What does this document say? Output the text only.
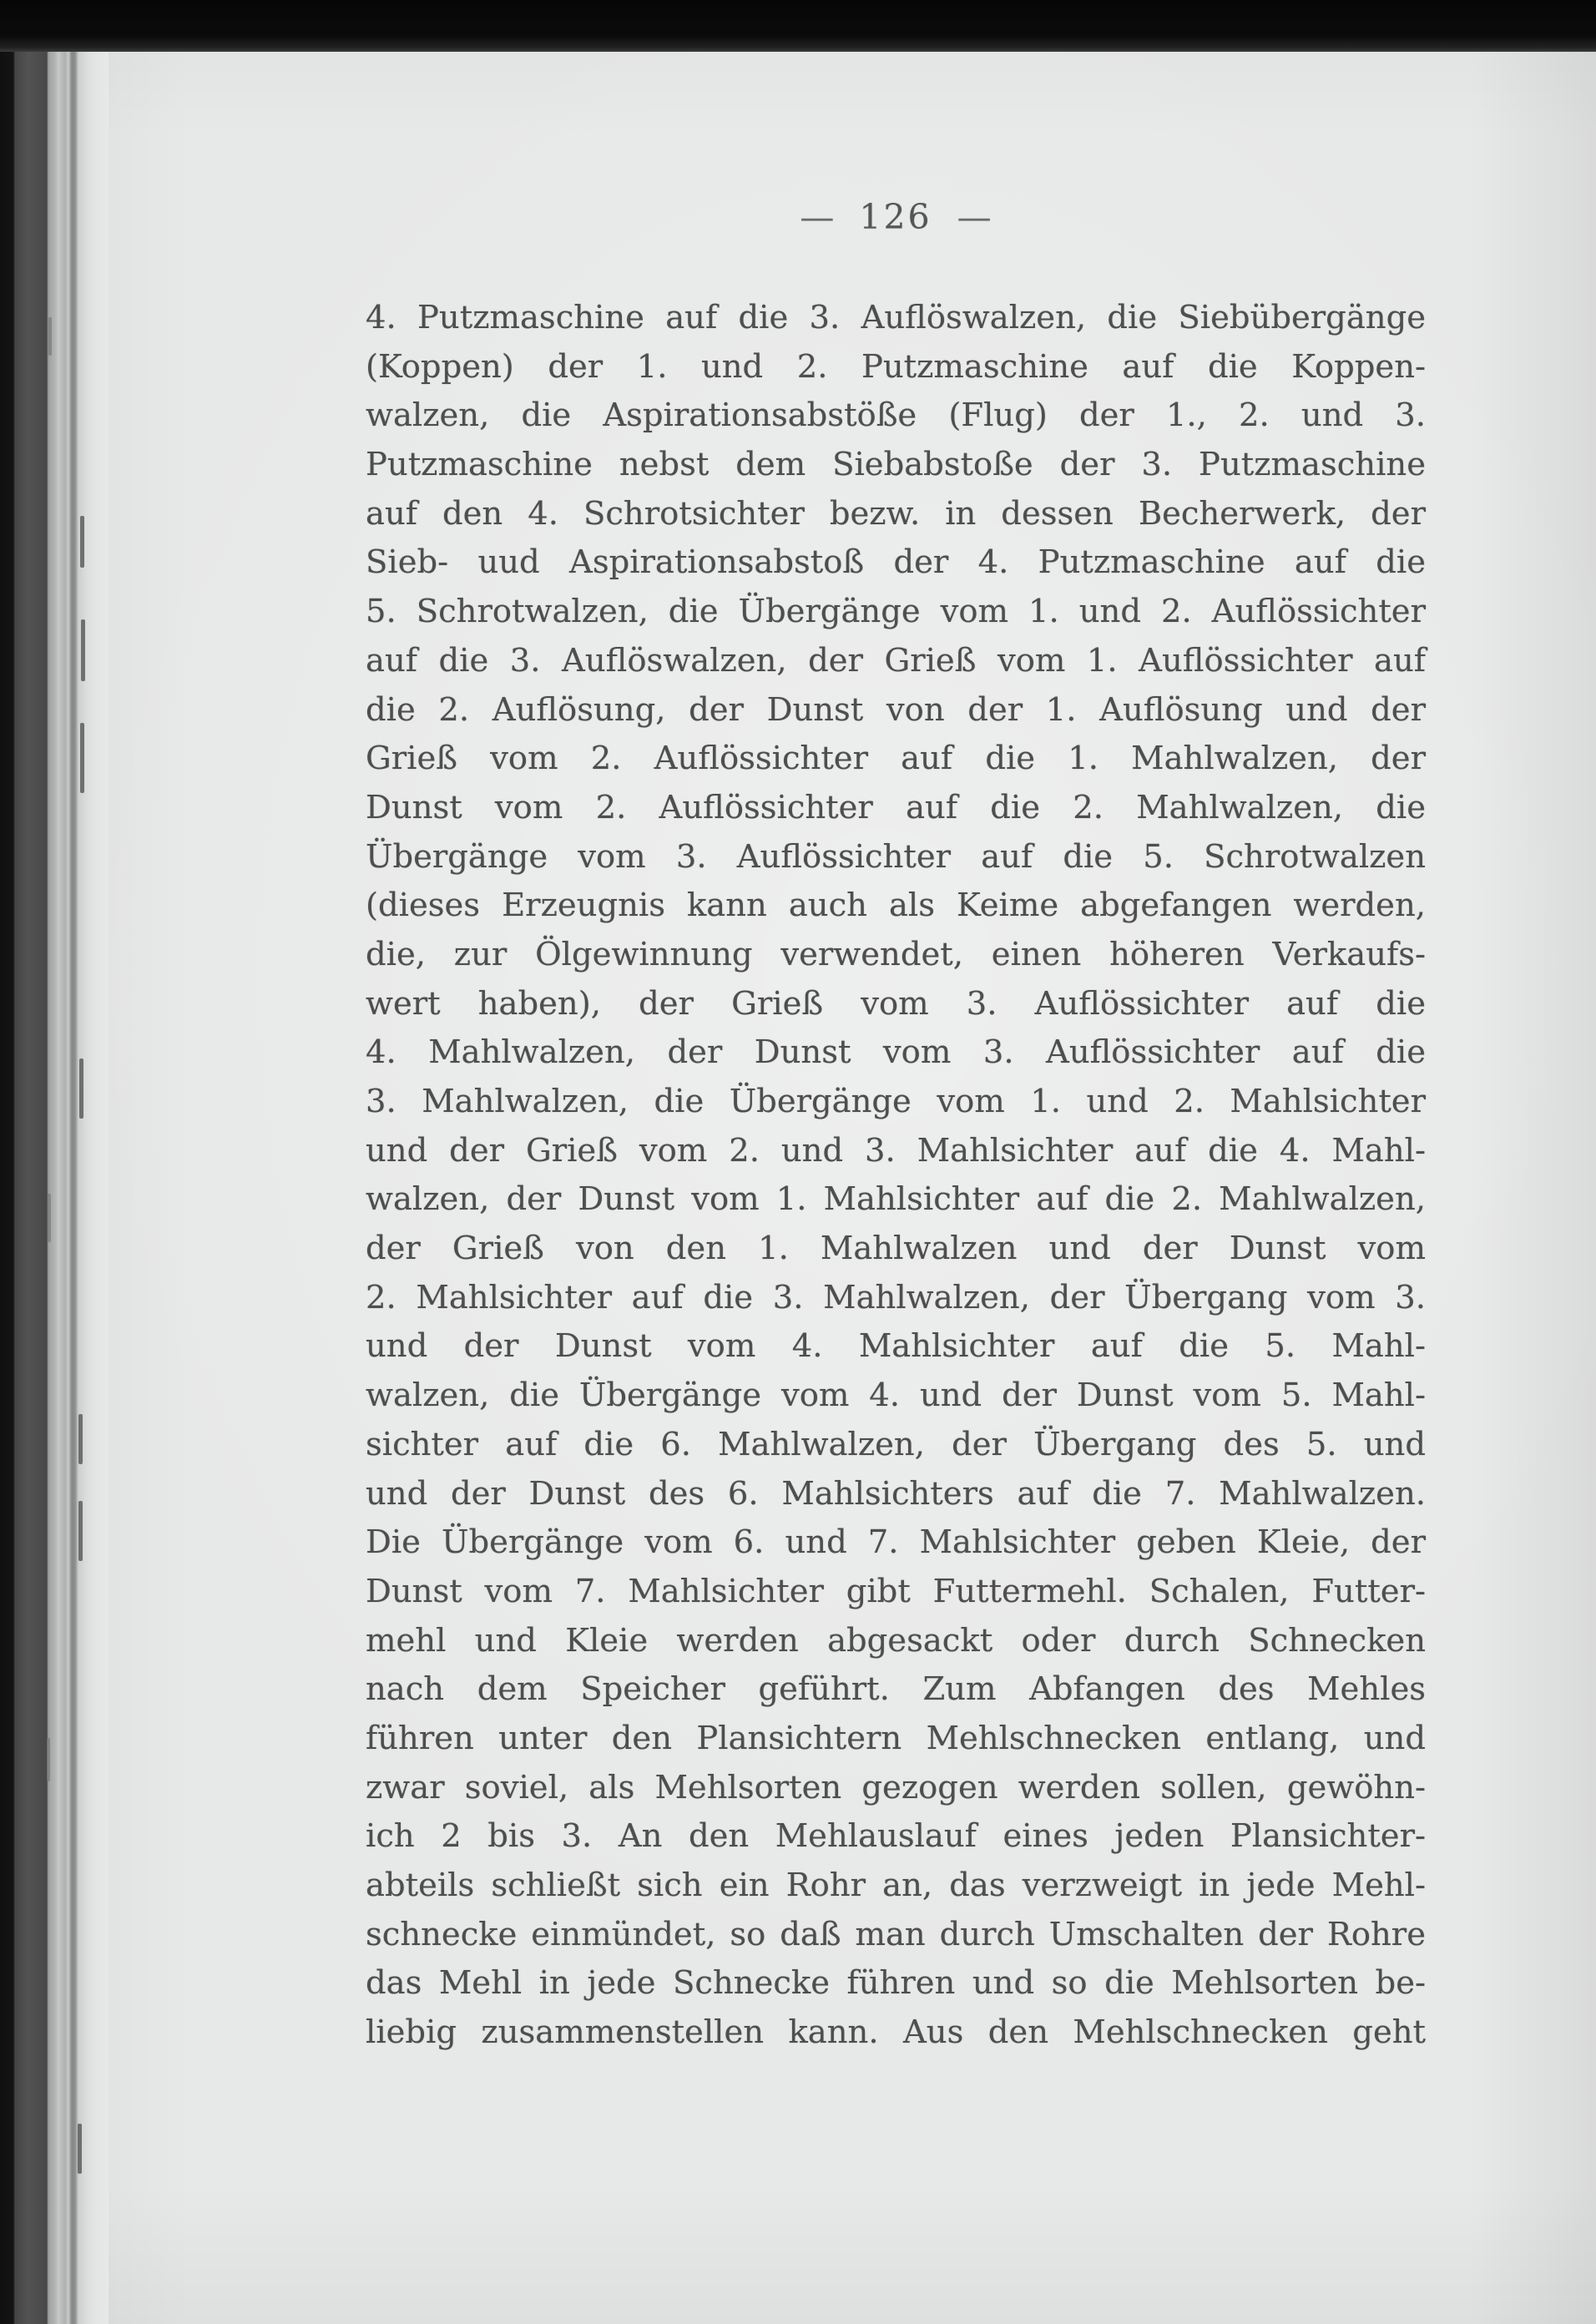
— 126 —
4. Putzmaschine auf die 3. Auflöswalzen, die Siebübergänge
(Koppen) der 1. und 2. Putzmaschine auf die Koppen-
walzen, die Aspirationsabstöße (Flug) der 1., 2. und 3.
Putzmaschine nebst dem Siebabstoße der 3. Putzmaschine
auf den 4. Schrotsichter bezw. in dessen Becherwerk, der
Sieb- uud Aspirationsabstoß der 4. Putzmaschine auf die
5. Schrotwalzen, die Übergänge vom 1. und 2. Auflössichter
auf die 3. Auflöswalzen, der Grieß vom 1. Auflössichter auf
die 2. Auflösung, der Dunst von der 1. Auflösung und der
Grieß vom 2. Auflössichter auf die 1. Mahlwalzen, der
Dunst vom 2. Auflössichter auf die 2. Mahlwalzen, die
Übergänge vom 3. Auflössichter auf die 5. Schrotwalzen
(dieses Erzeugnis kann auch als Keime abgefangen werden,
die, zur Ölgewinnung verwendet, einen höheren Verkaufs-
wert haben), der Grieß vom 3. Auflössichter auf die
4. Mahlwalzen, der Dunst vom 3. Auflössichter auf die
3. Mahlwalzen, die Übergänge vom 1. und 2. Mahlsichter
und der Grieß vom 2. und 3. Mahlsichter auf die 4. Mahl-
walzen, der Dunst vom 1. Mahlsichter auf die 2. Mahlwalzen,
der Grieß von den 1. Mahlwalzen und der Dunst vom
2. Mahlsichter auf die 3. Mahlwalzen, der Übergang vom 3.
und der Dunst vom 4. Mahlsichter auf die 5. Mahl-
walzen, die Übergänge vom 4. und der Dunst vom 5. Mahl-
sichter auf die 6. Mahlwalzen, der Übergang des 5. und
und der Dunst des 6. Mahlsichters auf die 7. Mahlwalzen.
Die Übergänge vom 6. und 7. Mahlsichter geben Kleie, der
Dunst vom 7. Mahlsichter gibt Futtermehl. Schalen, Futter-
mehl und Kleie werden abgesackt oder durch Schnecken
nach dem Speicher geführt. Zum Abfangen des Mehles
führen unter den Plansichtern Mehlschnecken entlang, und
zwar soviel, als Mehlsorten gezogen werden sollen, gewöhn-
ich 2 bis 3. An den Mehlauslauf eines jeden Plansichter-
abteils schließt sich ein Rohr an, das verzweigt in jede Mehl-
schnecke einmündet, so daß man durch Umschalten der Rohre
das Mehl in jede Schnecke führen und so die Mehlsorten be-
liebig zusammenstellen kann. Aus den Mehlschnecken geht
